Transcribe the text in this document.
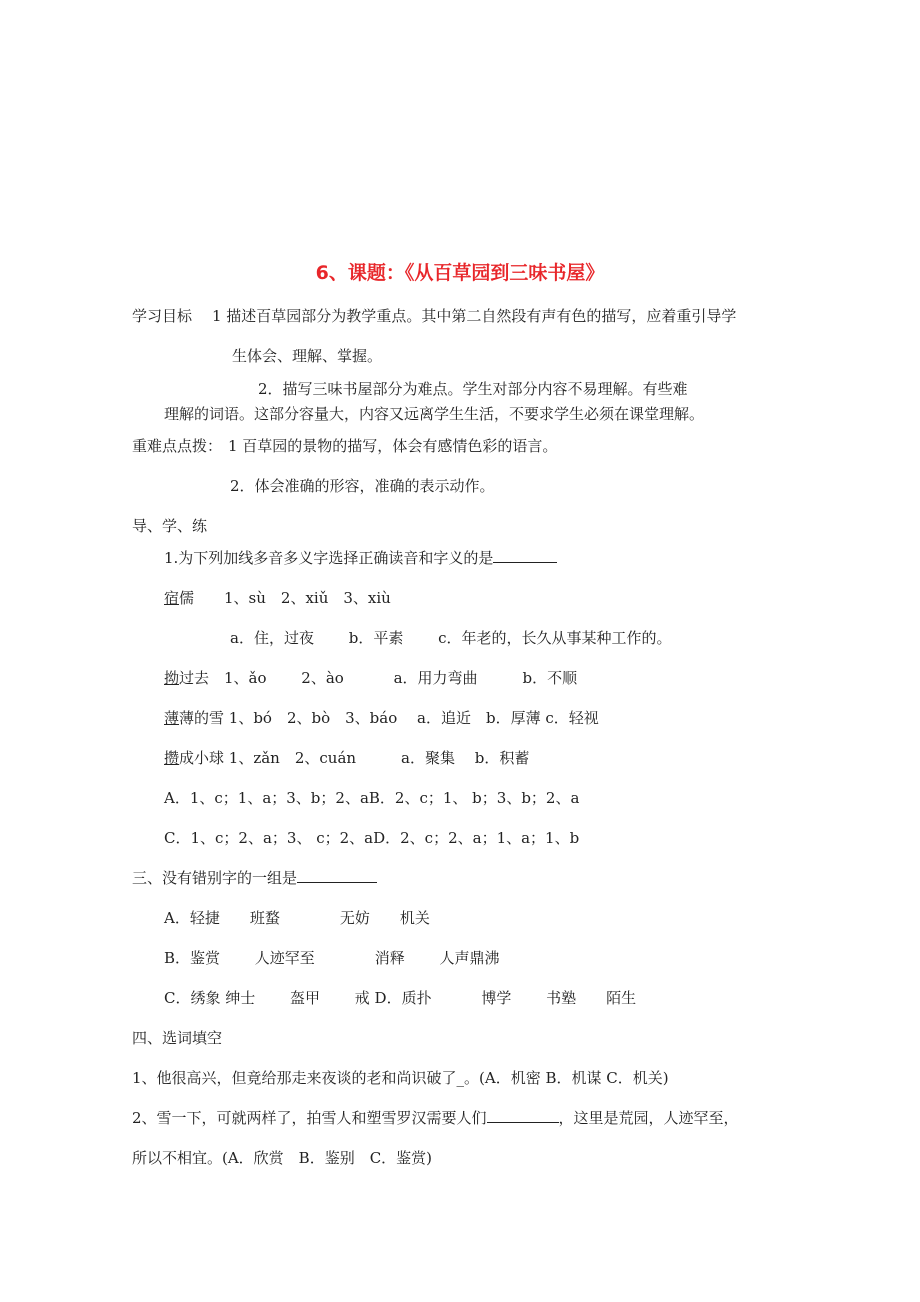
6、课题：《从百草园到三味书屋》
学习目标 1 描述百草园部分为教学重点。其中第二自然段有声有色的描写，应着重引导学
生体会、理解、掌握。
2．描写三味书屋部分为难点。学生对部分内容不易理解。有些难
理解的词语。这部分容量大，内容又远离学生生活，不要求学生必须在课堂理解。
重难点点拨： 1 百草园的景物的描写，体会有感情色彩的语言。
2．体会准确的形容，准确的表示动作。
导、学、练
1.为下列加线多音多义字选择正确读音和字义的是
宿儒　　1、sù　2、xiǔ　3、xiù
a．住，过夜　　 b．平素　　 c．年老的，长久从事某种工作的。
拗过去　1、ǎo　　 2、ào　　　 a．用力弯曲　　　b．不顺
薄薄的雪 1、bó　2、bò　3、báo　 a．追近　b．厚薄 c．轻视
攒成小球 1、zǎn　2、cuán　　　a．聚集　 b．积蓄
A．1、c；1、a；3、b；2、aB．2、c；1、 b；3、b；2、a
C．1、c；2、a；3、 c；2、aD．2、c；2、a；1、a；1、b
三、没有错别字的一组是
A．轻捷　　班蝥　　　　无妨　　机关
B．鉴赏　　 人迹罕至　　　　消释　　 人声鼎沸
C．绣象 绅士　　 盔甲　　 戒 D．质扑　　　 博学　　 书塾　　陌生
四、选词填空
1、他很高兴，但竟给那走来夜谈的老和尚识破了_。(A．机密 B．机谋 C．机关)
2、雪一下，可就两样了，拍雪人和塑雪罗汉需要人们	，这里是荒园，人迹罕至，
所以不相宜。(A．欣赏　B．鉴别　C．鉴赏)
